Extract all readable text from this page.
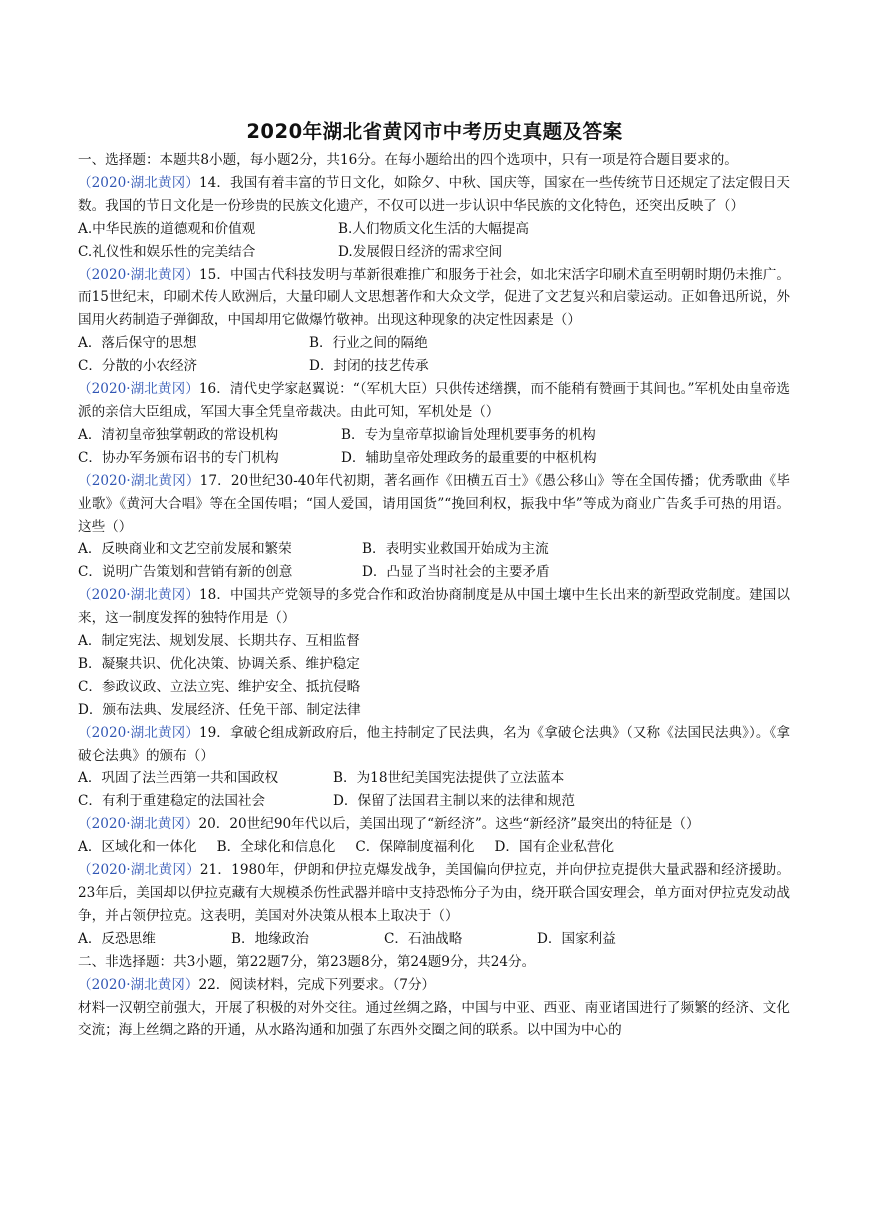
2020年湖北省黄冈市中考历史真题及答案

一、选择题：本题共8小题，每小题2分，共16分。在每小题给出的四个选项中，只有一项是符合题目要求的。

（2020·湖北黄冈）14．我国有着丰富的节日文化，如除夕、中秋、国庆等，国家在一些传统节日还规定了法定假日天数。我国的节日文化是一份珍贵的民族文化遗产，不仅可以进一步认识中华民族的文化特色，还突出反映了（）

A.中华民族的道德观和价值观	B.人们物质文化生活的大幅提高
C.礼仪性和娱乐性的完美结合	D.发展假日经济的需求空间

（2020·湖北黄冈）15．中国古代科技发明与革新很难推广和服务于社会，如北宋活字印刷术直至明朝时期仍未推广。而15世纪末，印刷术传人欧洲后，大量印刷人文思想著作和大众文学，促进了文艺复兴和启蒙运动。正如鲁迅所说，外国用火药制造子弹御敌，中国却用它做爆竹敬神。出现这种现象的决定性因素是（）

A．落后保守的思想	B．行业之间的隔绝
C．分散的小农经济	D．封闭的技艺传承

（2020·湖北黄冈）16．清代史学家赵翼说：“（军机大臣）只供传述缮撰，而不能稍有赞画于其间也。”军机处由皇帝选派的亲信大臣组成，军国大事全凭皇帝裁决。由此可知，军机处是（）

A．清初皇帝独掌朝政的常设机构	B．专为皇帝草拟谕旨处理机要事务的机构
C．协办军务颁布诏书的专门机构	D．辅助皇帝处理政务的最重要的中枢机构

（2020·湖北黄冈）17．20世纪30-40年代初期，著名画作《田横五百士》《愚公移山》等在全国传播；优秀歌曲《毕业歌》《黄河大合唱》等在全国传唱；“国人爱国，请用国货”“挽回利权，振我中华”等成为商业广告炙手可热的用语。这些（）

A．反映商业和文艺空前发展和繁荣	B．表明实业救国开始成为主流
C．说明广告策划和营销有新的创意	D．凸显了当时社会的主要矛盾

（2020·湖北黄冈）18．中国共产党领导的多党合作和政治协商制度是从中国土壤中生长出来的新型政党制度。建国以来，这一制度发挥的独特作用是（）

A．制定宪法、规划发展、长期共存、互相监督

B．凝聚共识、优化决策、协调关系、维护稳定

C．参政议政、立法立宪、维护安全、抵抗侵略

D．颁布法典、发展经济、任免干部、制定法律

（2020·湖北黄冈）19．拿破仑组成新政府后，他主持制定了民法典，名为《拿破仑法典》（又称《法国民法典》）。《拿破仑法典》的颁布（）

A．巩固了法兰西第一共和国政权	B．为18世纪美国宪法提供了立法蓝本
C．有利于重建稳定的法国社会	D．保留了法国君主制以来的法律和规范

（2020·湖北黄冈）20．20世纪90年代以后，美国出现了“新经济”。这些“新经济”最突出的特征是（）

A．区域化和一体化 B．全球化和信息化 C．保障制度福利化 D．国有企业私营化

（2020·湖北黄冈）21．1980年，伊朗和伊拉克爆发战争，美国偏向伊拉克，并向伊拉克提供大量武器和经济援助。23年后，美国却以伊拉克藏有大规模杀伤性武器并暗中支持恐怖分子为由，绕开联合国安理会，单方面对伊拉克发动战争，并占领伊拉克。这表明，美国对外决策从根本上取决于（）

A．反恐思维	B．地缘政治	C．石油战略	D．国家利益

二、非选择题：共3小题，第22题7分，第23题8分，第24题9分，共24分。

（2020·湖北黄冈）22．阅读材料，完成下列要求。（7分）

材料一汉朝空前强大，开展了积极的对外交往。通过丝绸之路，中国与中亚、西亚、南亚诸国进行了频繁的经济、文化交流；海上丝绸之路的开通，从水路沟通和加强了东西外交圈之间的联系。以中国为中心的
